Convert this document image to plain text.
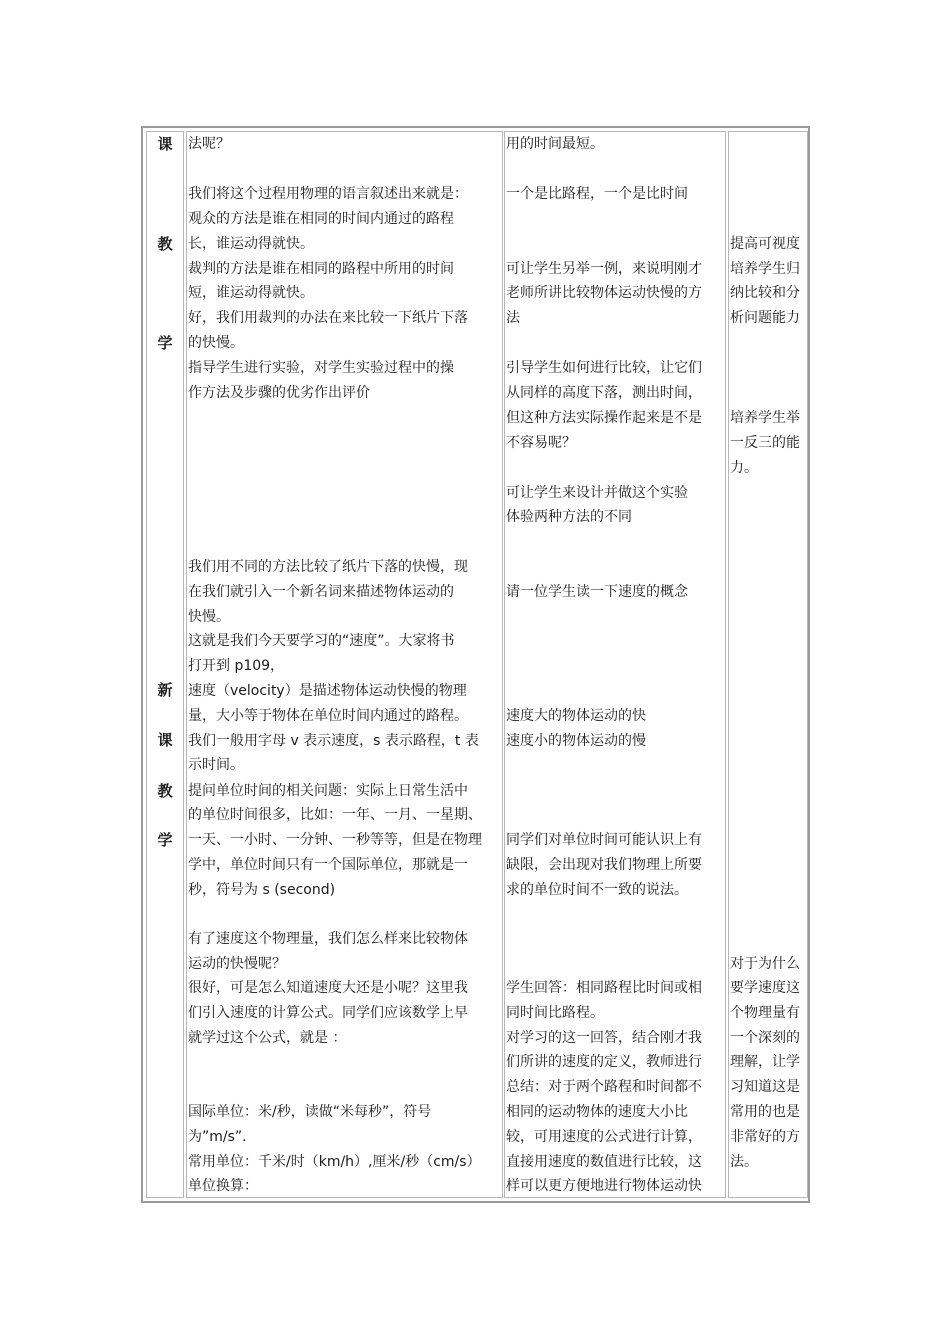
课
教
学
新
课
教
学
法呢？
我们将这个过程用物理的语言叙述出来就是：
观众的方法是谁在相同的时间内通过的路程
长，谁运动得就快。
裁判的方法是谁在相同的路程中所用的时间
短，谁运动得就快。
好，我们用裁判的办法在来比较一下纸片下落
的快慢。
指导学生进行实验，对学生实验过程中的操
作方法及步骤的优劣作出评价
我们用不同的方法比较了纸片下落的快慢，现
在我们就引入一个新名词来描述物体运动的
快慢。
这就是我们今天要学习的“速度”。大家将书
打开到 p109，
速度（velocity）是描述物体运动快慢的物理
量，大小等于物体在单位时间内通过的路程。
我们一般用字母 v 表示速度，s 表示路程，t 表
示时间。
提问单位时间的相关问题：实际上日常生活中
的单位时间很多，比如：一年、一月、一星期、
一天、一小时、一分钟、一秒等等，但是在物理
学中，单位时间只有一个国际单位，那就是一
秒，符号为 s (second)
有了速度这个物理量，我们怎么样来比较物体
运动的快慢呢？
很好，可是怎么知道速度大还是小呢？这里我
们引入速度的计算公式。同学们应该数学上早
就学过这个公式，就是 ：
国际单位：米/秒，读做“米每秒”，符号
为”m/s”.
常用单位：千米/时（km/h）,厘米/秒（cm/s）
单位换算：
用的时间最短。
一个是比路程，一个是比时间
可让学生另举一例，来说明刚才
老师所讲比较物体运动快慢的方
法
引导学生如何进行比较，让它们
从同样的高度下落，测出时间，
但这种方法实际操作起来是不是
不容易呢？
可让学生来设计并做这个实验
体验两种方法的不同
请一位学生读一下速度的概念
速度大的物体运动的快
速度小的物体运动的慢
同学们对单位时间可能认识上有
缺限，会出现对我们物理上所要
求的单位时间不一致的说法。
学生回答：相同路程比时间或相
同时间比路程。
对学习的这一回答，结合刚才我
们所讲的速度的定义，教师进行
总结：对于两个路程和时间都不
相同的运动物体的速度大小比
较，可用速度的公式进行计算，
直接用速度的数值进行比较，这
样可以更方便地进行物体运动快
提高可视度
培养学生归
纳比较和分
析问题能力
培养学生举
一反三的能
力。
对于为什么
要学速度这
个物理量有
一个深刻的
理解，让学
习知道这是
常用的也是
非常好的方
法。
